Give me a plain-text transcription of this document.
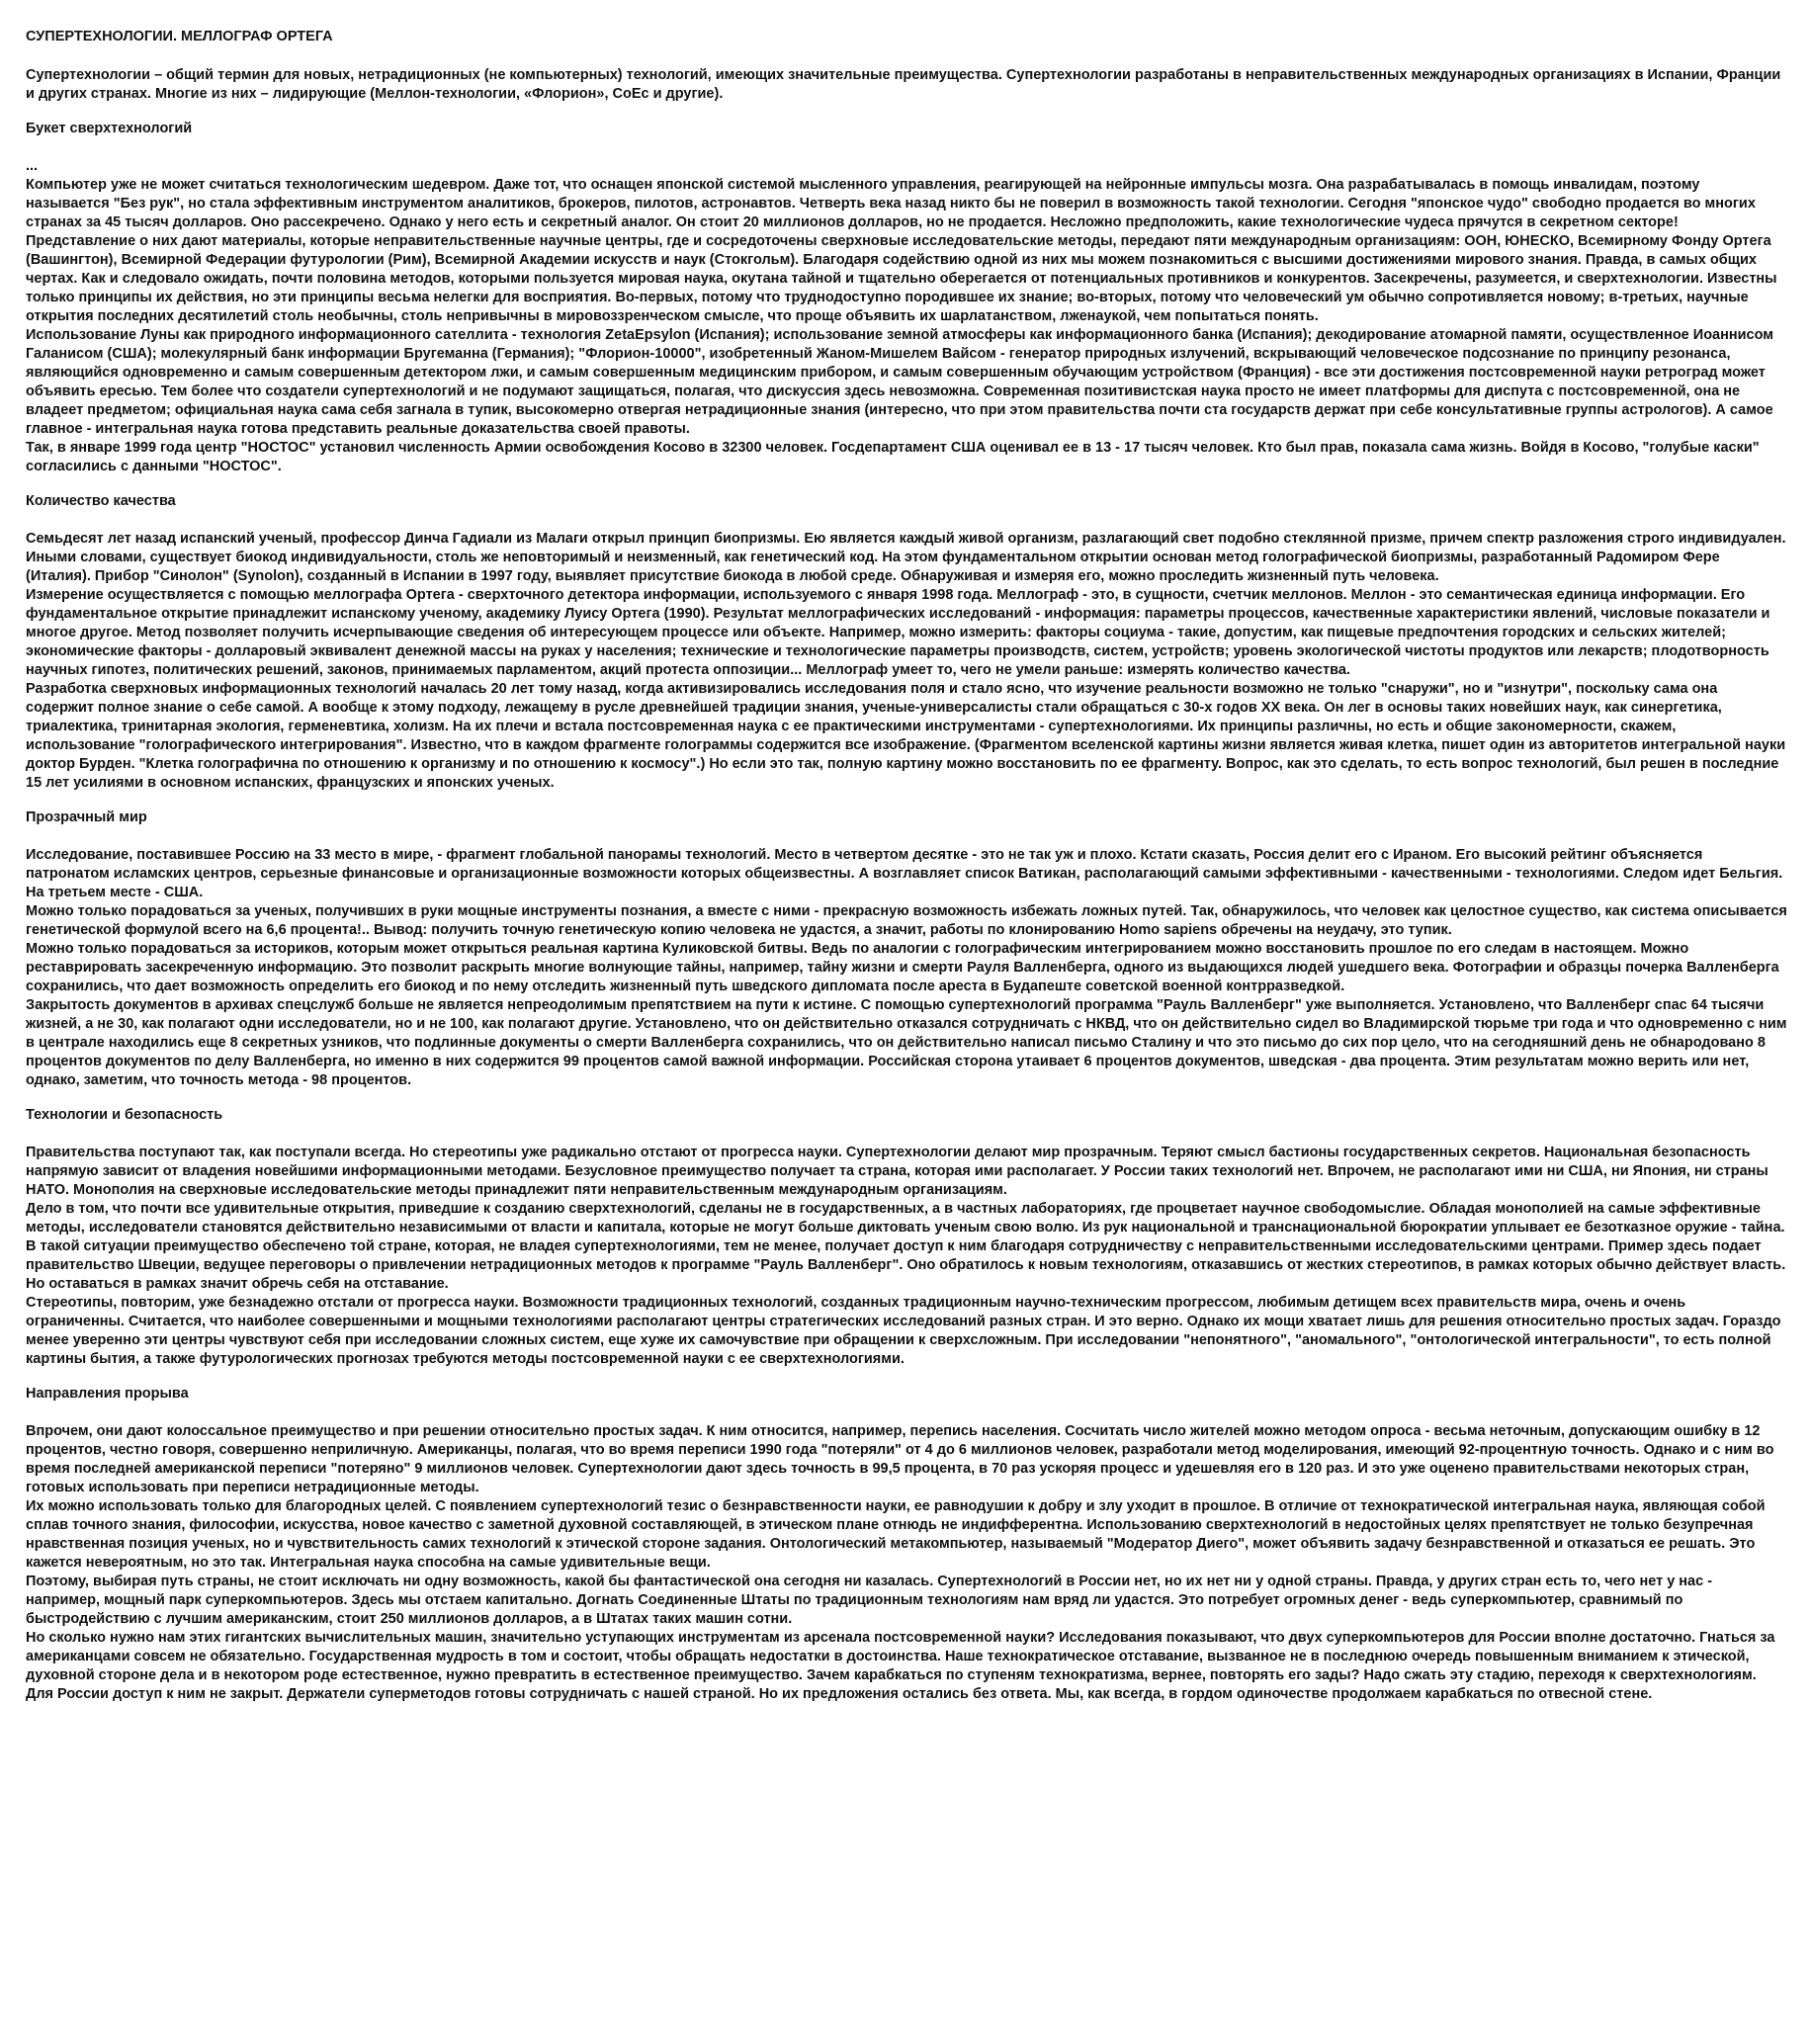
СУПЕРТЕХНОЛОГИИ. МЕЛЛОГРАФ ОРТЕГА

Супертехнологии – общий термин для новых, нетрадиционных (не компьютерных) технологий, имеющих значительные преимущества. Супертехнологии разработаны в неправительственных международных организациях в Испании, Франции и других странах. Многие из них – лидирующие (Меллон-технологии, «Флорион», CoEc и другие).

Букет сверхтехнологий

...

Компьютер уже не может считаться технологическим шедевром. Даже тот, что оснащен японской системой мысленного управления, реагирующей на нейронные импульсы мозга. Она разрабатывалась в помощь инвалидам, поэтому называется "Без рук", но стала эффективным инструментом аналитиков, брокеров, пилотов, астронавтов. Четверть века назад никто бы не поверил в возможность такой технологии. Сегодня "японское чудо" свободно продается во многих странах за 45 тысяч долларов. Оно рассекречено. Однако у него есть и секретный аналог. Он стоит 20 миллионов долларов, но не продается. Несложно предположить, какие технологические чудеса прячутся в секретном секторе!

Представление о них дают материалы, которые неправительственные научные центры, где и сосредоточены сверхновые исследовательские методы, передают пяти международным организациям: ООН, ЮНЕСКО, Всемирному Фонду Ортега (Вашингтон), Всемирной Федерации футурологии (Рим), Всемирной Академии искусств и наук (Стокгольм). Благодаря содействию одной из них мы можем познакомиться с высшими достижениями мирового знания. Правда, в самых общих чертах. Как и следовало ожидать, почти половина методов, которыми пользуется мировая наука, окутана тайной и тщательно оберегается от потенциальных противников и конкурентов. Засекречены, разумеется, и сверхтехнологии. Известны только принципы их действия, но эти принципы весьма нелегки для восприятия. Во-первых, потому что труднодоступно породившее их знание; во-вторых, потому что человеческий ум обычно сопротивляется новому; в-третьих, научные открытия последних десятилетий столь необычны, столь непривычны в мировоззренческом смысле, что проще объявить их шарлатанством, лженаукой, чем попытаться понять.

Использование Луны как природного информационного сателлита - технология ZetaEpsylon (Испания); использование земной атмосферы как информационного банка (Испания); декодирование атомарной памяти, осуществленное Иоаннисом Галанисом (США); молекулярный банк информации Бругеманна (Германия); "Флорион-10000", изобретенный Жаном-Мишелем Вайсом - генератор природных излучений, вскрывающий человеческое подсознание по принципу резонанса, являющийся одновременно и самым совершенным детектором лжи, и самым совершенным медицинским прибором, и самым совершенным обучающим устройством (Франция) - все эти достижения постсовременной науки ретроград может объявить ересью. Тем более что создатели супертехнологий и не подумают защищаться, полагая, что дискуссия здесь невозможна. Современная позитивистская наука просто не имеет платформы для диспута с постсовременной, она не владеет предметом; официальная наука сама себя загнала в тупик, высокомерно отвергая нетрадиционные знания (интересно, что при этом правительства почти ста государств держат при себе консультативные группы астрологов). А самое главное - интегральная наука готова представить реальные доказательства своей правоты.

Так, в январе 1999 года центр "НОСТОС" установил численность Армии освобождения Косово в 32300 человек. Госдепартамент США оценивал ее в 13 - 17 тысяч человек. Кто был прав, показала сама жизнь. Войдя в Косово, "голубые каски" согласились с данными "НОСТОС".

Количество качества

Семьдесят лет назад испанский ученый, профессор Динча Гадиали из Малаги открыл принцип биопризмы. Ею является каждый живой организм, разлагающий свет подобно стеклянной призме, причем спектр разложения строго индивидуален. Иными словами, существует биокод индивидуальности, столь же неповторимый и неизменный, как генетический код. На этом фундаментальном открытии основан метод голографической биопризмы, разработанный Радомиром Фере (Италия). Прибор "Синолон" (Synolon), созданный в Испании в 1997 году, выявляет присутствие биокода в любой среде. Обнаруживая и измеряя его, можно проследить жизненный путь человека.

Измерение осуществляется с помощью меллографа Ортега - сверхточного детектора информации, используемого с января 1998 года. Меллограф - это, в сущности, счетчик меллонов. Меллон - это семантическая единица информации. Его фундаментальное открытие принадлежит испанскому ученому, академику Луису Ортега (1990). Результат меллографических исследований - информация: параметры процессов, качественные характеристики явлений, числовые показатели и многое другое. Метод позволяет получить исчерпывающие сведения об интересующем процессе или объекте. Например, можно измерить: факторы социума - такие, допустим, как пищевые предпочтения городских и сельских жителей; экономические факторы - долларовый эквивалент денежной массы на руках у населения; технические и технологические параметры производств, систем, устройств; уровень экологической чистоты продуктов или лекарств; плодотворность научных гипотез, политических решений, законов, принимаемых парламентом, акций протеста оппозиции... Меллограф умеет то, чего не умели раньше: измерять количество качества.

Разработка сверхновых информационных технологий началась 20 лет тому назад, когда активизировались исследования поля и стало ясно, что изучение реальности возможно не только "снаружи", но и "изнутри", поскольку сама она содержит полное знание о себе самой. А вообще к этому подходу, лежащему в русле древнейшей традиции знания, ученые-универсалисты стали обращаться с 30-х годов XX века. Он лег в основы таких новейших наук, как синергетика, триалектика, тринитарная экология, герменевтика, холизм. На их плечи и встала постсовременная наука с ее практическими инструментами - супертехнологиями. Их принципы различны, но есть и общие закономерности, скажем, использование "голографического интегрирования". Известно, что в каждом фрагменте голограммы содержится все изображение. (Фрагментом вселенской картины жизни является живая клетка, пишет один из авторитетов интегральной науки доктор Бурден. "Клетка голографична по отношению к организму и по отношению к космосу".) Но если это так, полную картину можно восстановить по ее фрагменту. Вопрос, как это сделать, то есть вопрос технологий, был решен в последние 15 лет усилиями в основном испанских, французских и японских ученых.

Прозрачный мир

Исследование, поставившее Россию на 33 место в мире, - фрагмент глобальной панорамы технологий. Место в четвертом десятке - это не так уж и плохо. Кстати сказать, Россия делит его с Ираном. Его высокий рейтинг объясняется патронатом исламских центров, серьезные финансовые и организационные возможности которых общеизвестны. А возглавляет список Ватикан, располагающий самыми эффективными - качественными - технологиями. Следом идет Бельгия. На третьем месте - США.

Можно только порадоваться за ученых, получивших в руки мощные инструменты познания, а вместе с ними - прекрасную возможность избежать ложных путей. Так, обнаружилось, что человек как целостное существо, как система описывается генетической формулой всего на 6,6 процента!.. Вывод: получить точную генетическую копию человека не удастся, а значит, работы по клонированию Homo sapiens обречены на неудачу, это тупик.

Можно только порадоваться за историков, которым может открыться реальная картина Куликовской битвы. Ведь по аналогии с голографическим интегрированием можно восстановить прошлое по его следам в настоящем. Можно реставрировать засекреченную информацию. Это позволит раскрыть многие волнующие тайны, например, тайну жизни и смерти Рауля Валленберга, одного из выдающихся людей ушедшего века. Фотографии и образцы почерка Валленберга сохранились, что дает возможность определить его биокод и по нему отследить жизненный путь шведского дипломата после ареста в Будапеште советской военной контрразведкой.

Закрытость документов в архивах спецслужб больше не является непреодолимым препятствием на пути к истине. С помощью супертехнологий программа "Рауль Валленберг" уже выполняется. Установлено, что Валленберг спас 64 тысячи жизней, а не 30, как полагают одни исследователи, но и не 100, как полагают другие. Установлено, что он действительно отказался сотрудничать с НКВД, что он действительно сидел во Владимирской тюрьме три года и что одновременно с ним в централе находились еще 8 секретных узников, что подлинные документы о смерти Валленберга сохранились, что он действительно написал письмо Сталину и что это письмо до сих пор цело, что на сегодняшний день не обнародовано 8 процентов документов по делу Валленберга, но именно в них содержится 99 процентов самой важной информации. Российская сторона утаивает 6 процентов документов, шведская - два процента. Этим результатам можно верить или нет, однако, заметим, что точность метода - 98 процентов.

Технологии и безопасность

Правительства поступают так, как поступали всегда. Но стереотипы уже радикально отстают от прогресса науки. Супертехнологии делают мир прозрачным. Теряют смысл бастионы государственных секретов. Национальная безопасность напрямую зависит от владения новейшими информационными методами. Безусловное преимущество получает та страна, которая ими располагает. У России таких технологий нет. Впрочем, не располагают ими ни США, ни Япония, ни страны НАТО. Монополия на сверхновые исследовательские методы принадлежит пяти неправительственным международным организациям.

Дело в том, что почти все удивительные открытия, приведшие к созданию сверхтехнологий, сделаны не в государственных, а в частных лабораториях, где процветает научное свободомыслие. Обладая монополией на самые эффективные методы, исследователи становятся действительно независимыми от власти и капитала, которые не могут больше диктовать ученым свою волю. Из рук национальной и транснациональной бюрократии уплывает ее безотказное оружие - тайна.

В такой ситуации преимущество обеспечено той стране, которая, не владея супертехнологиями, тем не менее, получает доступ к ним благодаря сотрудничеству с неправительственными исследовательскими центрами. Пример здесь подает правительство Швеции, ведущее переговоры о привлечении нетрадиционных методов к программе "Рауль Валленберг". Оно обратилось к новым технологиям, отказавшись от жестких стереотипов, в рамках которых обычно действует власть. Но оставаться в рамках значит обречь себя на отставание.

Стереотипы, повторим, уже безнадежно отстали от прогресса науки. Возможности традиционных технологий, созданных традиционным научно-техническим прогрессом, любимым детищем всех правительств мира, очень и очень ограниченны. Считается, что наиболее совершенными и мощными технологиями располагают центры стратегических исследований разных стран. И это верно. Однако их мощи хватает лишь для решения относительно простых задач. Гораздо менее уверенно эти центры чувствуют себя при исследовании сложных систем, еще хуже их самочувствие при обращении к сверхсложным. При исследовании "непонятного", "аномального", "онтологической интегральности", то есть полной картины бытия, а также футурологических прогнозах требуются методы постсовременной науки с ее сверхтехнологиями.

Направления прорыва

Впрочем, они дают колоссальное преимущество и при решении относительно простых задач. К ним относится, например, перепись населения. Сосчитать число жителей можно методом опроса - весьма неточным, допускающим ошибку в 12 процентов, честно говоря, совершенно неприличную. Американцы, полагая, что во время переписи 1990 года "потеряли" от 4 до 6 миллионов человек, разработали метод моделирования, имеющий 92-процентную точность. Однако и с ним во время последней американской переписи "потеряно" 9 миллионов человек. Супертехнологии дают здесь точность в 99,5 процента, в 70 раз ускоряя процесс и удешевляя его в 120 раз. И это уже оценено правительствами некоторых стран, готовых использовать при переписи нетрадиционные методы.

Их можно использовать только для благородных целей. С появлением супертехнологий тезис о безнравственности науки, ее равнодушии к добру и злу уходит в прошлое. В отличие от технократической интегральная наука, являющая собой сплав точного знания, философии, искусства, новое качество с заметной духовной составляющей, в этическом плане отнюдь не индифферентна. Использованию сверхтехнологий в недостойных целях препятствует не только безупречная нравственная позиция ученых, но и чувствительность самих технологий к этической стороне задания. Онтологический метакомпьютер, называемый "Модератор Диего", может объявить задачу безнравственной и отказаться ее решать. Это кажется невероятным, но это так. Интегральная наука способна на самые удивительные вещи.

Поэтому, выбирая путь страны, не стоит исключать ни одну возможность, какой бы фантастической она сегодня ни казалась. Супертехнологий в России нет, но их нет ни у одной страны. Правда, у других стран есть то, чего нет у нас - например, мощный парк суперкомпьютеров. Здесь мы отстаем капитально. Догнать Соединенные Штаты по традиционным технологиям нам вряд ли удастся. Это потребует огромных денег - ведь суперкомпьютер, сравнимый по быстродействию с лучшим американским, стоит 250 миллионов долларов, а в Штатах таких машин сотни.

Но сколько нужно нам этих гигантских вычислительных машин, значительно уступающих инструментам из арсенала постсовременной науки? Исследования показывают, что двух суперкомпьютеров для России вполне достаточно. Гнаться за американцами совсем не обязательно. Государственная мудрость в том и состоит, чтобы обращать недостатки в достоинства. Наше технократическое отставание, вызванное не в последнюю очередь повышенным вниманием к этической, духовной стороне дела и в некотором роде естественное, нужно превратить в естественное преимущество. Зачем карабкаться по ступеням технократизма, вернее, повторять его зады? Надо сжать эту стадию, переходя к сверхтехнологиям. Для России доступ к ним не закрыт. Держатели суперметодов готовы сотрудничать с нашей страной. Но их предложения остались без ответа. Мы, как всегда, в гордом одиночестве продолжаем карабкаться по отвесной стене.
